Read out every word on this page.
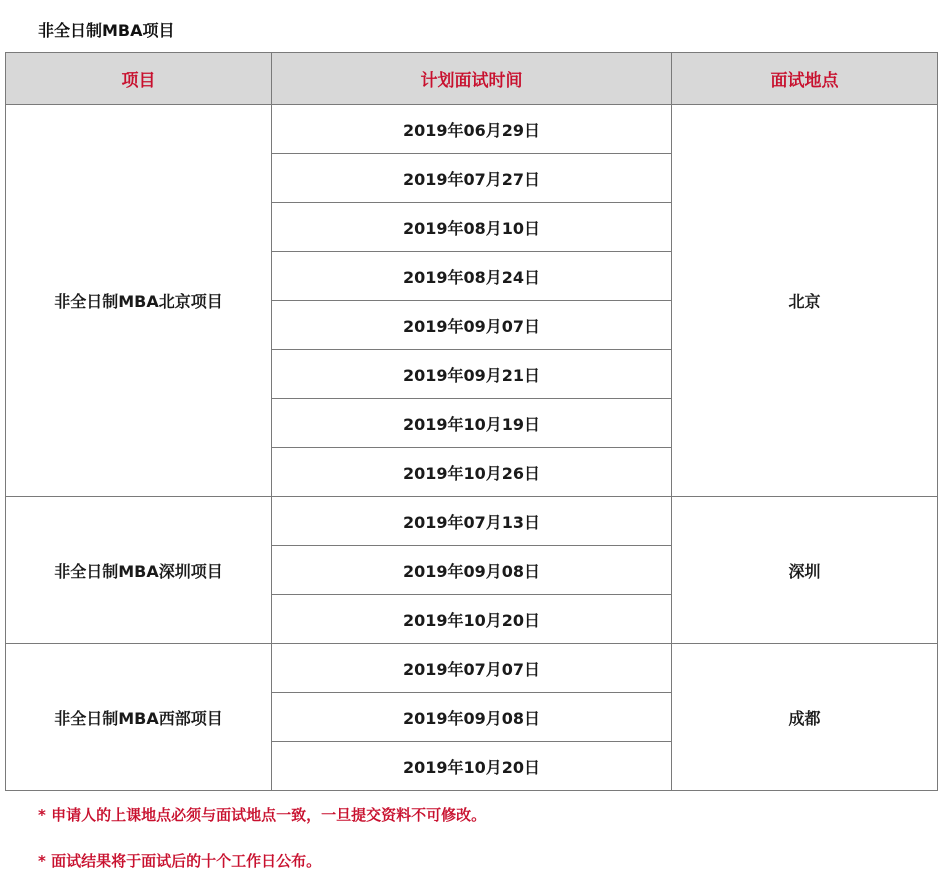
非全日制MBA项目
项目	计划面试时间	面试地点
非全日制MBA北京项目	2019年06月29日	北京
	2019年07月27日	
	2019年08月10日	
	2019年08月24日	
	2019年09月07日	
	2019年09月21日	
	2019年10月19日	
	2019年10月26日	
非全日制MBA深圳项目	2019年07月13日	深圳
	2019年09月08日	
	2019年10月20日	
非全日制MBA西部项目	2019年07月07日	成都
	2019年09月08日	
	2019年10月20日	
* 申请人的上课地点必须与面试地点一致，一旦提交资料不可修改。
* 面试结果将于面试后的十个工作日公布。
